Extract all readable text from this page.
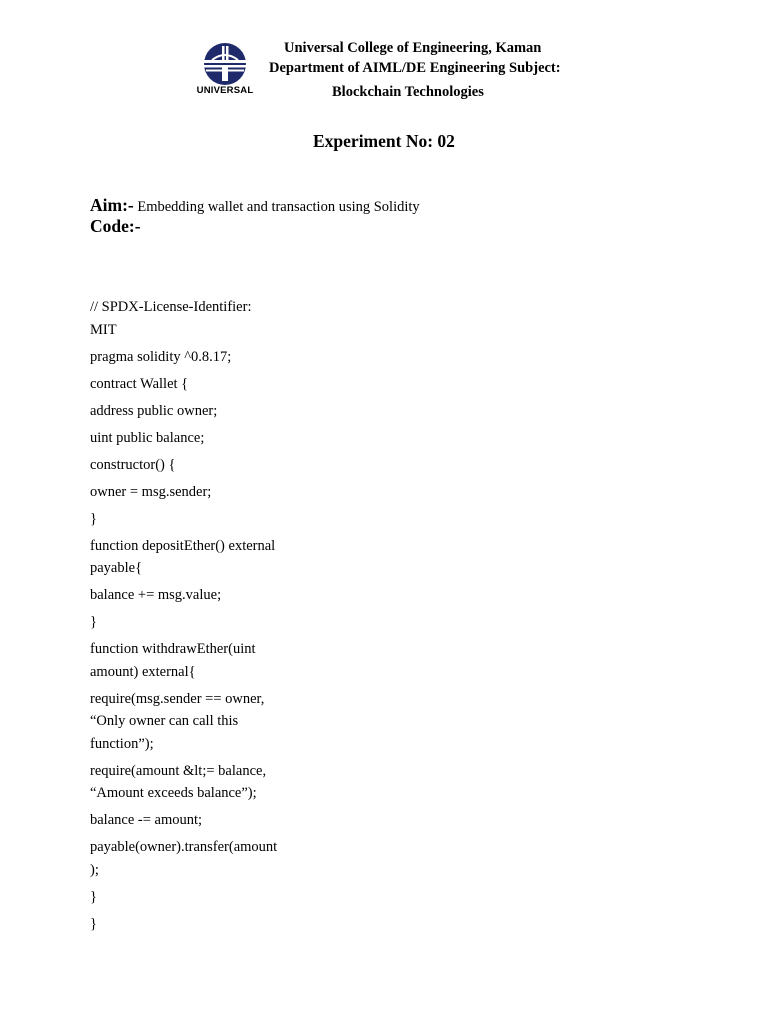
UNIVERSAL
Universal College of Engineering, Kaman
Department of AIML/DE Engineering Subject:
Blockchain Technologies
Experiment No: 02
Aim:- Embedding wallet and transaction using Solidity
Code:-

// SPDX-License-Identifier:
MIT

pragma solidity ^0.8.17;

contract Wallet {

address public owner;

uint public balance;

constructor() {

owner = msg.sender;

}

function depositEther() external
payable{

balance += msg.value;

}

function withdrawEther(uint
amount) external{

require(msg.sender == owner,
“Only owner can call this
function”);

require(amount &lt;= balance,
“Amount exceeds balance”);

balance -= amount;

payable(owner).transfer(amount
);

}

}
